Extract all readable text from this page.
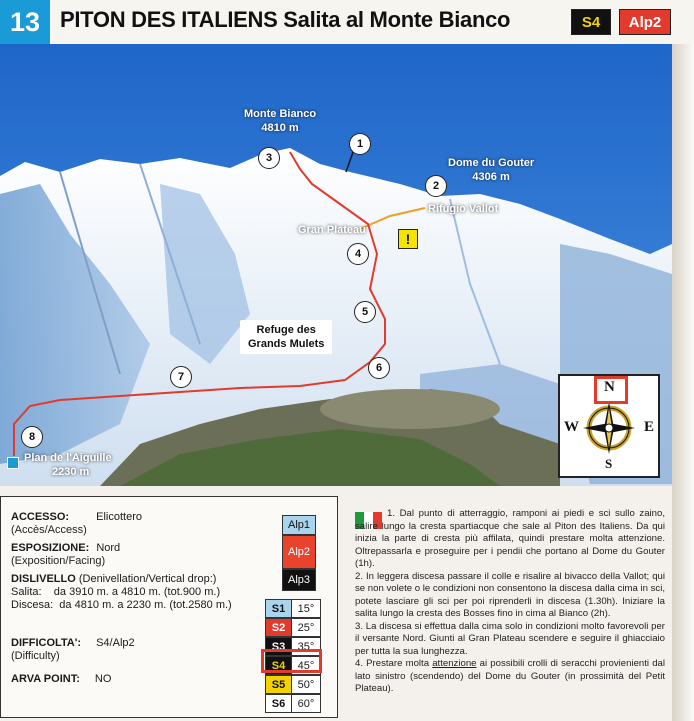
13 PITON DES ITALIENS Salita al Monte Bianco	S4	Alp2
Monte Bianco
4810 m
Dome du Gouter
4306 m
Rifugio Vallot
Gran Plateau
Refuge des
Grands Mulets
Plan de l'Aiguille
2230 m
1
2
3
4
5
6
7
8
!
N
S
E
W
ACCESSO: Elicottero
(Accès/Access)
ESPOSIZIONE: Nord
(Exposition/Facing)
DISLIVELLO (Denivellation/Vertical drop:)
Salita:    da 3910 m. a 4810 m. (tot.900 m.)
Discesa:  da 4810 m. a 2230 m. (tot.2580 m.)
DIFFICOLTA': S4/Alp2
(Difficulty)
ARVA POINT: NO
Alp1
Alp2
Alp3
S1	15°
S2	25°
S3	35°
S4	45°
S5	50°
S6	60°

1. Dal punto di atterraggio, ramponi ai piedi e sci sullo zaino, salire lungo la cresta spartiacque che sale al Piton des Italiens. Da qui inizia la parte di cresta più affilata, quindi prestare molta attenzione. Oltrepassarla e proseguire per i pendii che portano al Dome du Gouter (1h).

2. In leggera discesa passare il colle e risalire al bivacco della Vallot; qui se non volete o le condizioni non consentono la discesa dalla cima in sci, potete lasciare gli sci per poi riprenderli in discesa (1.30h). Iniziare la salita lungo la cresta des Bosses fino in cima al Bianco (2h).

3. La discesa si effettua dalla cima solo in condizioni molto favorevoli per il versante Nord. Giunti al Gran Plateau scendere e seguire il ghiacciaio per tutta la sua lunghezza.

4. Prestare molta attenzione ai possibili crolli di seracchi provienienti dal lato sinistro (scendendo) del Dome du Gouter (in prossimità del Petit Plateau).
